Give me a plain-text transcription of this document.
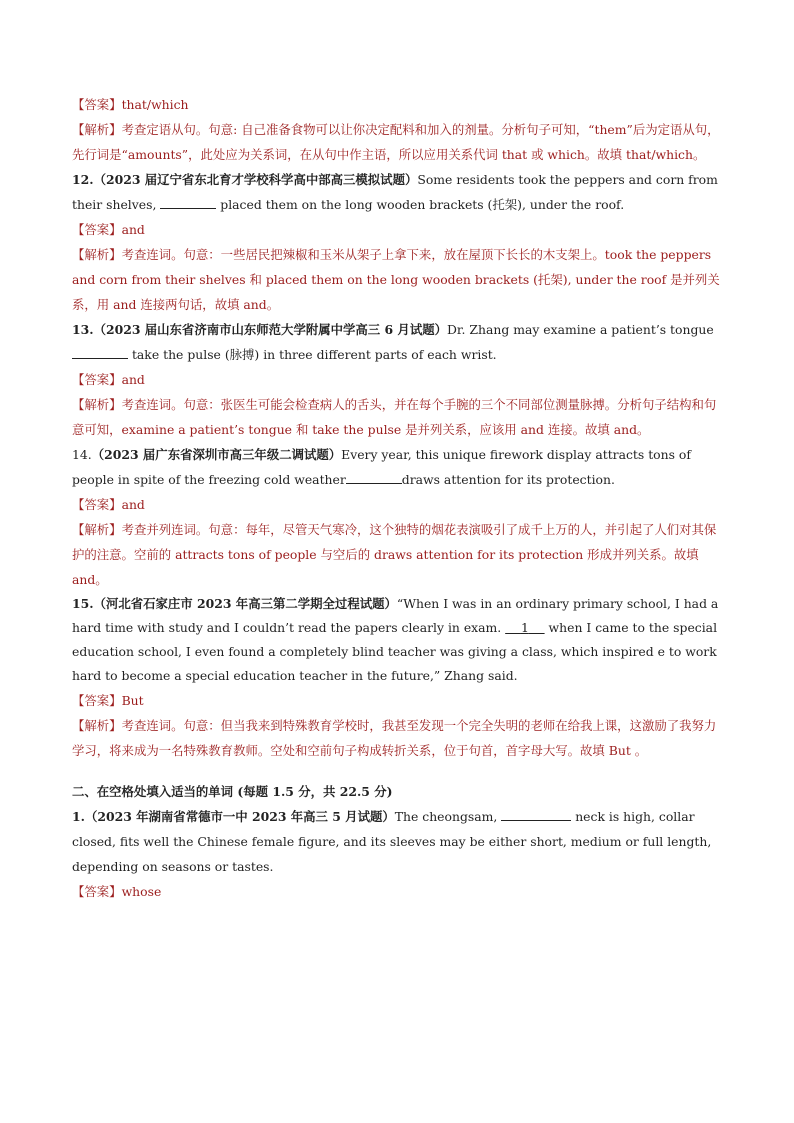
【答案】that/which
【解析】考查定语从句。句意: 自己准备食物可以让你决定配料和加入的剂量。分析句子可知，“them”后为定语从句，先行词是“amounts”，此处应为关系词，在从句中作主语，所以应用关系代词 that 或 which。故填 that/which。
12.（2023 届辽宁省东北育才学校科学高中部高三模拟试题）Some residents took the peppers and corn from their shelves,	placed them on the long wooden brackets (托架), under the roof.
【答案】and
【解析】考查连词。句意：一些居民把辣椒和玉米从架子上拿下来，放在屋顶下长长的木支架上。took the peppers and corn from their shelves 和 placed them on the long wooden brackets (托架), under the roof 是并列关系，用 and 连接两句话，故填 and。
13.（2023 届山东省济南市山东师范大学附属中学高三 6 月试题）Dr. Zhang may examine a patient’s tongue  take the pulse (脉搏) in three different parts of each wrist.
【答案】and
【解析】考查连词。句意：张医生可能会检查病人的舌头，并在每个手腕的三个不同部位测量脉搏。分析句子结构和句意可知，examine a patient’s tongue 和 take the pulse 是并列关系，应该用 and 连接。故填 and。
14.（2023 届广东省深圳市高三年级二调试题）Every year, this unique firework display attracts tons of people in spite of the freezing cold weather	draws attention for its protection.
【答案】and
【解析】考查并列连词。句意：每年，尽管天气寒冷，这个独特的烟花表演吸引了成千上万的人，并引起了人们对其保护的注意。空前的 attracts tons of people 与空后的 draws attention for its protection 形成并列关系。故填 and。
15.（河北省石家庄市 2023 年高三第二学期全过程试题）“When I was in an ordinary primary school, I had a hard time with study and I couldn’t read the papers clearly in exam.     1     when I came to the special education school, I even found a completely blind teacher was giving a class, which inspired e to work hard to become a special education teacher in the future,” Zhang said.
【答案】But
【解析】考查连词。句意：但当我来到特殊教育学校时，我甚至发现一个完全失明的老师在给我上课，这激励了我努力学习，将来成为一名特殊教育教师。空处和空前句子构成转折关系，位于句首，首字母大写。故填 But 。
二、在空格处填入适当的单词 (每题 1.5 分，共 22.5 分)
1.（2023 年湖南省常德市一中 2023 年高三 5 月试题）The cheongsam,	neck is high, collar closed, fits well the Chinese female figure, and its sleeves may be either short, medium or full length, depending on seasons or tastes.
【答案】whose
